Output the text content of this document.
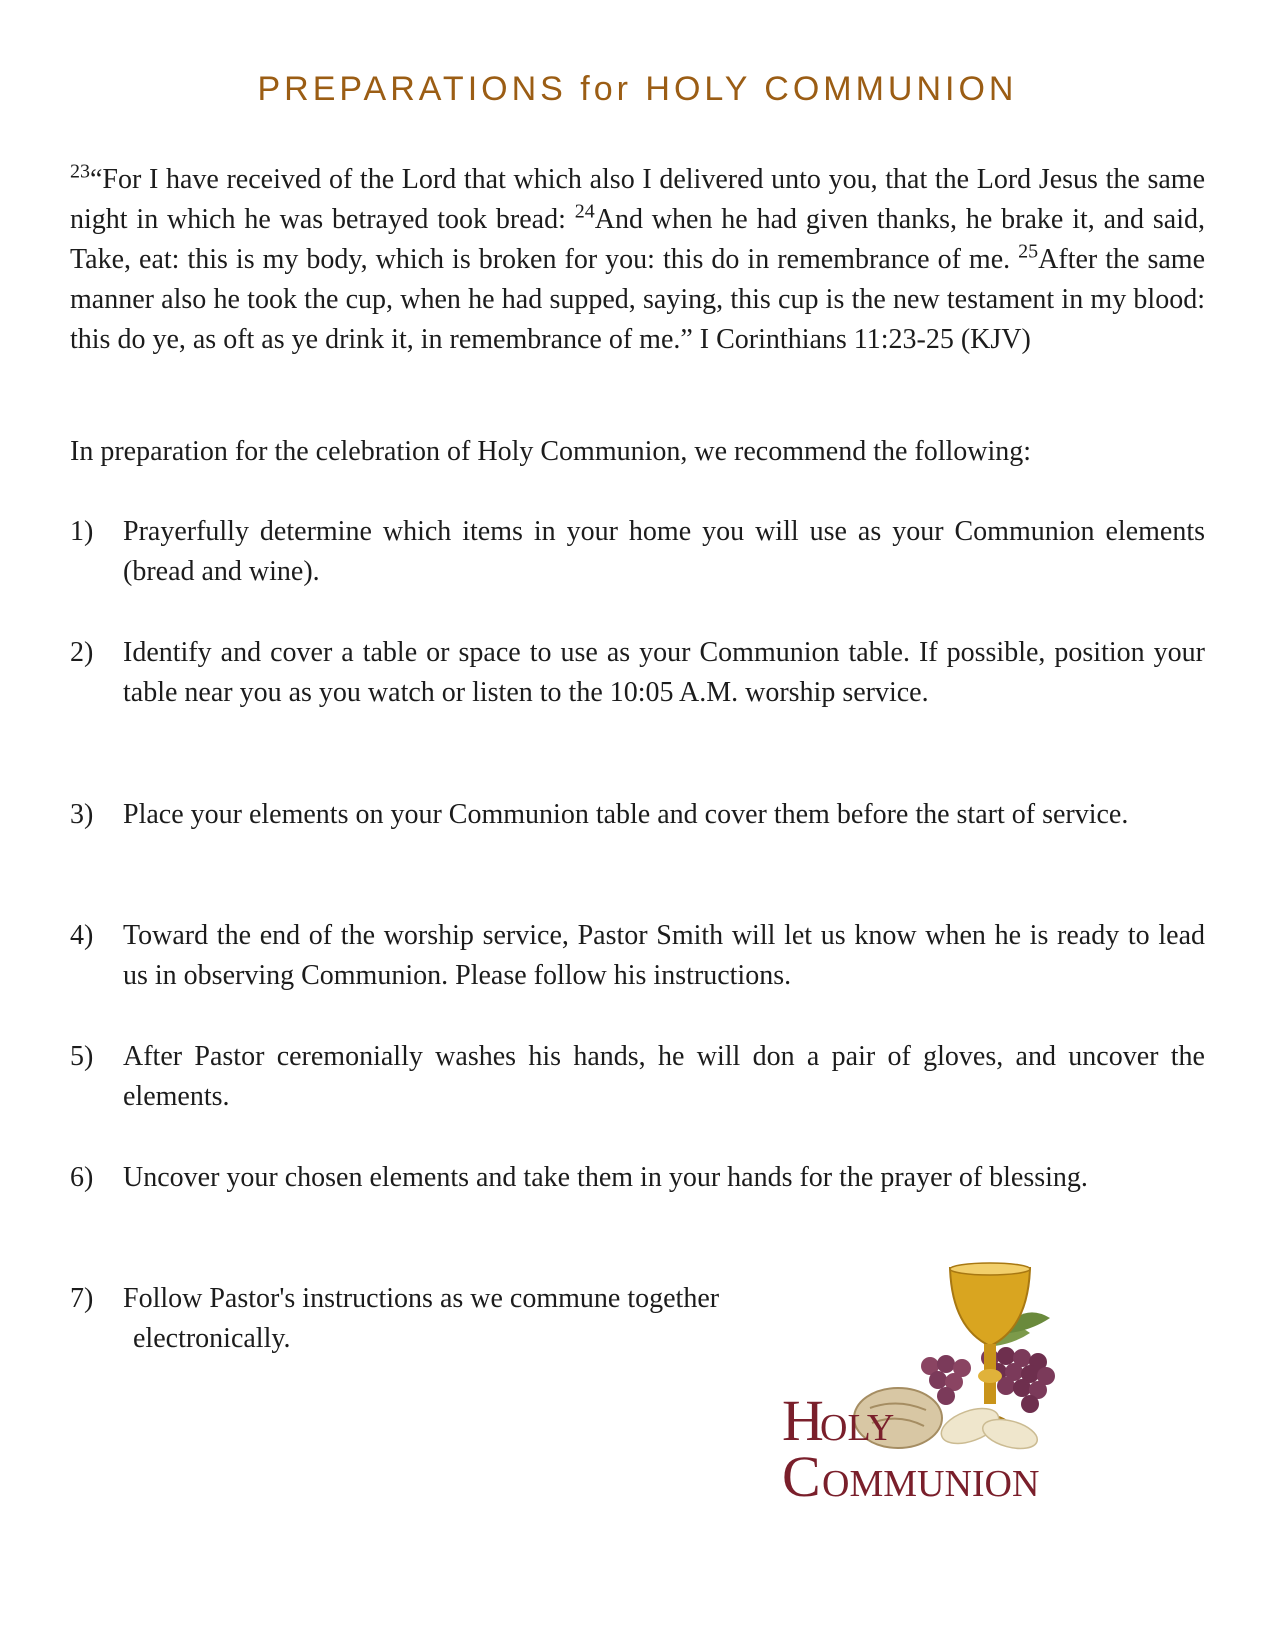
PREPARATIONS for HOLY COMMUNION

$^{23}$“For I have received of the Lord that which also I delivered unto you, that the Lord Jesus the same night in which he was betrayed took bread: $^{24}$And when he had given thanks, he brake it, and said, Take, eat: this is my body, which is broken for you: this do in remembrance of me. $^{25}$After the same manner also he took the cup, when he had supped, saying, this cup is the new testament in my blood: this do ye, as oft as ye drink it, in remembrance of me.” I Corinthians 11:23-25 (KJV)

In preparation for the celebration of Holy Communion, we recommend the following:

1)	Prayerfully determine which items in your home you will use as your Communion elements (bread and wine).
2)	Identify and cover a table or space to use as your Communion table. If possible, position your table near you as you watch or listen to the 10:05 A.M. worship service.
3)	Place your elements on your Communion table and cover them before the start of service.
4)	Toward the end of the worship service, Pastor Smith will let us know when he is ready to lead us in observing Communion. Please follow his instructions.
5)	After Pastor ceremonially washes his hands, he will don a pair of gloves, and uncover the elements.
6)	Uncover your chosen elements and take them in your hands for the prayer of blessing.
7)	Follow Pastor's instructions as we commune together

electronically.
H
OLY
C OMMUNION
